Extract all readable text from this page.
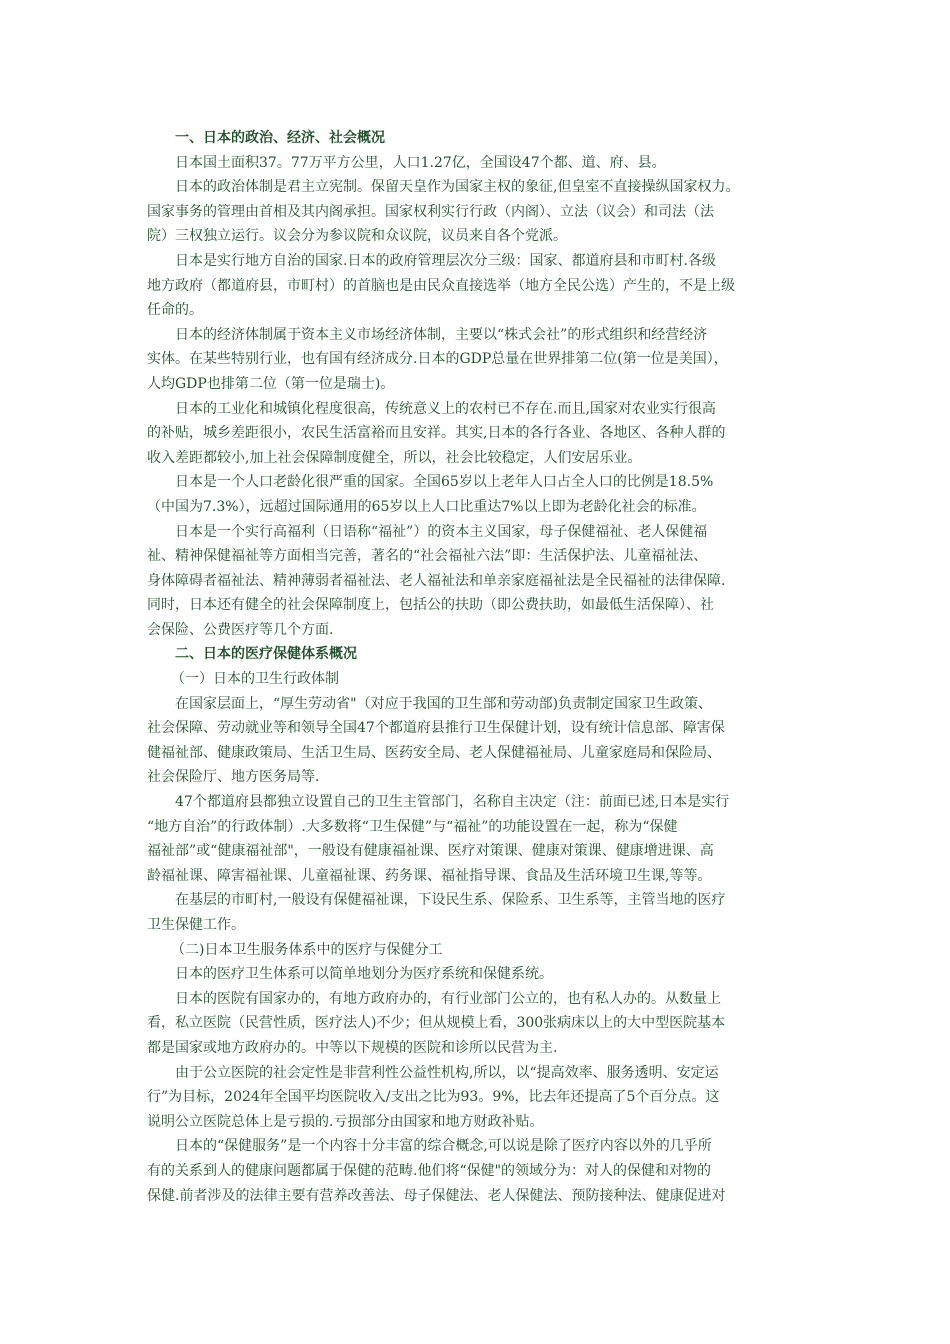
一、日本的政治、经济、社会概况
日本国土面积37。77万平方公里，人口1.27亿，全国设47个都、道、府、县。
日本的政治体制是君主立宪制。保留天皇作为国家主权的象征,但皇室不直接操纵国家权力。
国家事务的管理由首相及其内阁承担。国家权利实行行政（内阁）、立法（议会）和司法（法
院）三权独立运行。议会分为参议院和众议院，议员来自各个党派。
日本是实行地方自治的国家.日本的政府管理层次分三级：国家、都道府县和市町村.各级
地方政府（都道府县，市町村）的首脑也是由民众直接选举（地方全民公选）产生的，不是上级
任命的。
日本的经济体制属于资本主义市场经济体制，主要以“株式会社”的形式组织和经营经济
实体。在某些特别行业，也有国有经济成分.日本的GDP总量在世界排第二位(第一位是美国），
人均GDP也排第二位（第一位是瑞士)。
日本的工业化和城镇化程度很高，传统意义上的农村已不存在.而且,国家对农业实行很高
的补贴，城乡差距很小，农民生活富裕而且安祥。其实,日本的各行各业、各地区、各种人群的
收入差距都较小,加上社会保障制度健全，所以，社会比较稳定，人们安居乐业。
日本是一个人口老龄化很严重的国家。全国65岁以上老年人口占全人口的比例是18.5%
（中国为7.3%），远超过国际通用的65岁以上人口比重达7%以上即为老龄化社会的标准。
日本是一个实行高福利（日语称“福祉”）的资本主义国家，母子保健福祉、老人保健福
祉、精神保健福祉等方面相当完善，著名的“社会福祉六法”即：生活保护法、儿童福祉法、
身体障碍者福祉法、精神薄弱者福祉法、老人福祉法和单亲家庭福祉法是全民福祉的法律保障.
同时，日本还有健全的社会保障制度上，包括公的扶助（即公费扶助，如最低生活保障）、社
会保险、公费医疗等几个方面.
二、日本的医疗保健体系概况
（一）日本的卫生行政体制
在国家层面上，“厚生劳动省"（对应于我国的卫生部和劳动部)负责制定国家卫生政策、
社会保障、劳动就业等和领导全国47个都道府县推行卫生保健计划，设有统计信息部、障害保
健福祉部、健康政策局、生活卫生局、医药安全局、老人保健福祉局、儿童家庭局和保险局、
社会保险厅、地方医务局等.
47个都道府县都独立设置自己的卫生主管部门，名称自主决定（注：前面已述,日本是实行
“地方自治”的行政体制）.大多数将“卫生保健”与“福祉”的功能设置在一起，称为“保健
福祉部”或“健康福祉部"，一般设有健康福祉课、医疗对策课、健康对策课、健康增进课、高
龄福祉课、障害福祉课、儿童福祉课、药务课、福祉指导课、食品及生活环境卫生课,等等。
在基层的市町村,一般设有保健福祉课，下设民生系、保险系、卫生系等，主管当地的医疗
卫生保健工作。
（二)日本卫生服务体系中的医疗与保健分工
日本的医疗卫生体系可以简单地划分为医疗系统和保健系统。
日本的医院有国家办的，有地方政府办的，有行业部门公立的，也有私人办的。从数量上
看，私立医院（民营性质，医疗法人)不少；但从规模上看，300张病床以上的大中型医院基本
都是国家或地方政府办的。中等以下规模的医院和诊所以民营为主.
由于公立医院的社会定性是非营利性公益性机构,所以，以“提高效率、服务透明、安定运
行”为目标，2024年全国平均医院收入/支出之比为93。9%，比去年还提高了5个百分点。这
说明公立医院总体上是亏损的.亏损部分由国家和地方财政补贴。
日本的“保健服务”是一个内容十分丰富的综合概念,可以说是除了医疗内容以外的几乎所
有的关系到人的健康问题都属于保健的范畴.他们将“保健"的领域分为：对人的保健和对物的
保健.前者涉及的法律主要有营养改善法、母子保健法、老人保健法、预防接种法、健康促进对
